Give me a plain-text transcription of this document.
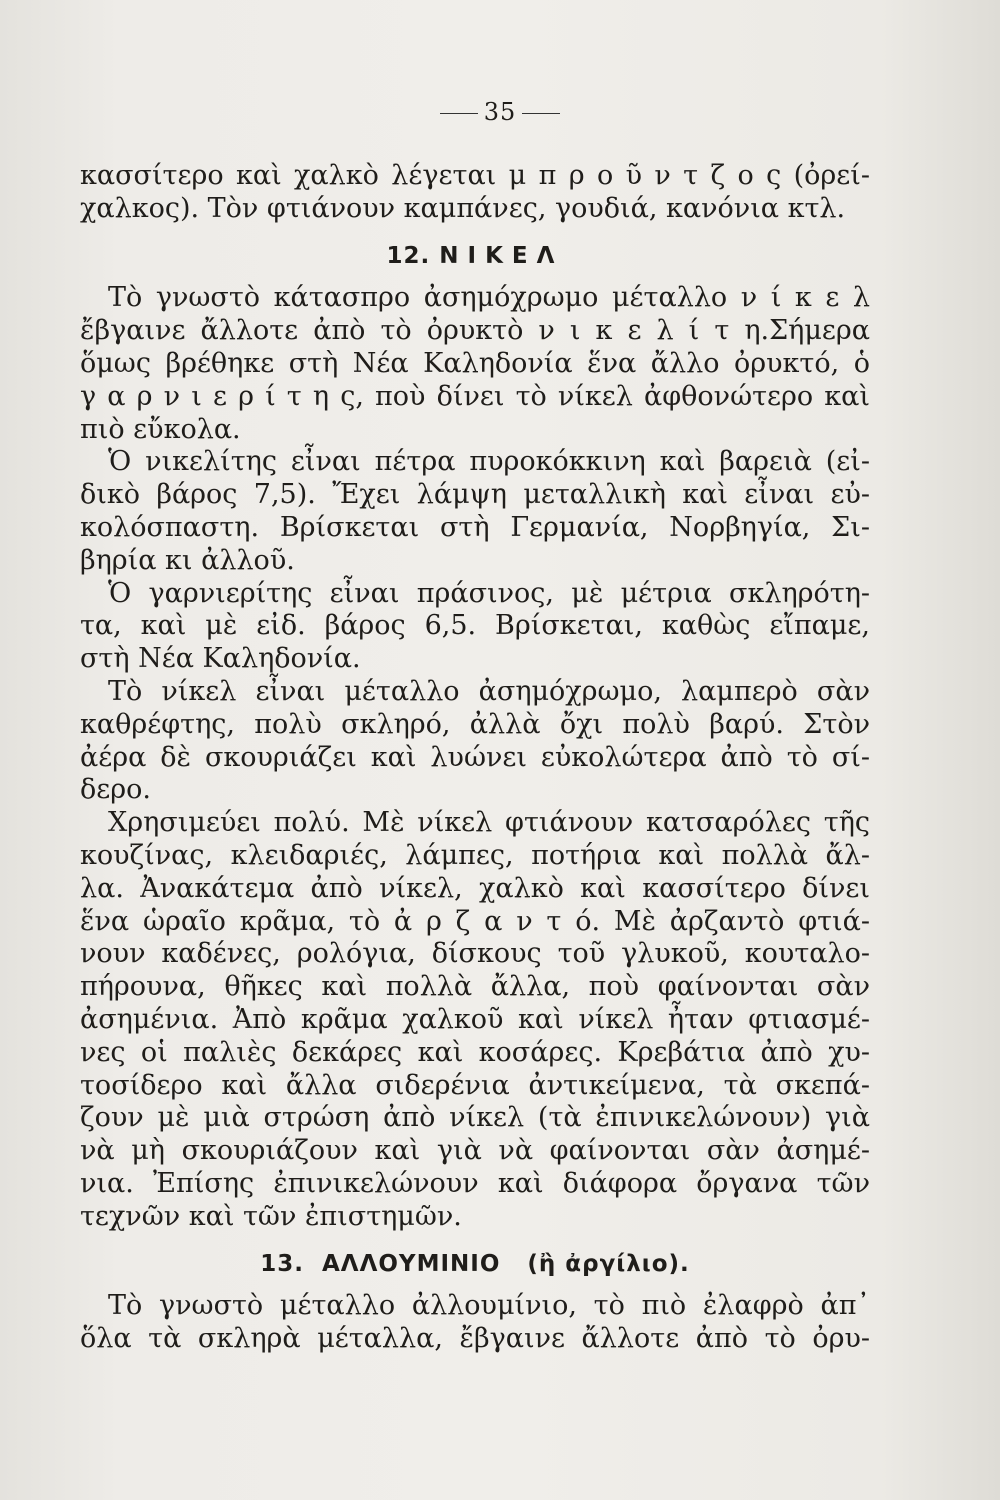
35
κασσίτερο καὶ χαλκὸ λέγεται μ π ρ ο ῦ ν τ ζ ο ς (ὀρεί-
χαλκος). Τὸν φτιάνουν καμπάνες, γουδιά, κανόνια κτλ.
12. ΝΙΚΕΛ
Τὸ γνωστὸ κάτασπρο ἀσημόχρωμο μέταλλο ν ί κ ε λ
ἔβγαινε ἄλλοτε ἀπὸ τὸ ὀρυκτὸ ν ι κ ε λ ί τ η.Σήμερα
ὅμως βρέθηκε στὴ Νέα Καληδονία ἕνα ἄλλο ὀρυκτό, ὁ
γ α ρ ν ι ε ρ ί τ η ς, ποὺ δίνει τὸ νίκελ ἀφθονώτερο καὶ
πιὸ εὔκολα.
Ὁ νικελίτης εἶναι πέτρα πυροκόκκινη καὶ βαρειὰ (εἰ-
δικὸ βάρος 7,5). Ἔχει λάμψη μεταλλικὴ καὶ εἶναι εὐ-
κολόσπαστη. Βρίσκεται στὴ Γερμανία, Νορβηγία, Σι-
βηρία κι ἀλλοῦ.
Ὁ γαρνιερίτης εἶναι πράσινος, μὲ μέτρια σκληρότη-
τα, καὶ μὲ εἰδ. βάρος 6,5. Βρίσκεται, καθὼς εἴπαμε,
στὴ Νέα Καληδονία.
Τὸ νίκελ εἶναι μέταλλο ἀσημόχρωμο, λαμπερὸ σὰν
καθρέφτης, πολὺ σκληρό, ἀλλὰ ὄχι πολὺ βαρύ. Στὸν
ἀέρα δὲ σκουριάζει καὶ λυώνει εὐκολώτερα ἀπὸ τὸ σί-
δερο.
Χρησιμεύει πολύ. Μὲ νίκελ φτιάνουν κατσαρόλες τῆς
κουζίνας, κλειδαριές, λάμπες, ποτήρια καὶ πολλὰ ἄλ-
λα. Ἀνακάτεμα ἀπὸ νίκελ, χαλκὸ καὶ κασσίτερο δίνει
ἕνα ὡραῖο κρᾶμα, τὸ ἀ ρ ζ α ν τ ό. Μὲ ἀρζαντὸ φτιά-
νουν καδένες, ρολόγια, δίσκους τοῦ γλυκοῦ, κουταλο-
πήρουνα, θῆκες καὶ πολλὰ ἄλλα, ποὺ φαίνονται σὰν
ἀσημένια. Ἀπὸ κρᾶμα χαλκοῦ καὶ νίκελ ἦταν φτιασμέ-
νες οἱ παλιὲς δεκάρες καὶ κοσάρες. Κρεβάτια ἀπὸ χυ-
τοσίδερο καὶ ἄλλα σιδερένια ἀντικείμενα, τὰ σκεπά-
ζουν μὲ μιὰ στρώση ἀπὸ νίκελ (τὰ ἐπινικελώνουν) γιὰ
νὰ μὴ σκουριάζουν καὶ γιὰ νὰ φαίνονται σὰν ἀσημέ-
νια. Ἐπίσης ἐπινικελώνουν καὶ διάφορα ὄργανα τῶν
τεχνῶν καὶ τῶν ἐπιστημῶν.
13.  ΑΛΛΟΥΜΙΝΙΟ   (ἢ ἀργίλιο).
Τὸ γνωστὸ μέταλλο ἀλλουμίνιο, τὸ πιὸ ἐλαφρὸ ἀπ᾽
ὅλα τὰ σκληρὰ μέταλλα, ἔβγαινε ἄλλοτε ἀπὸ τὸ ὀρυ-
